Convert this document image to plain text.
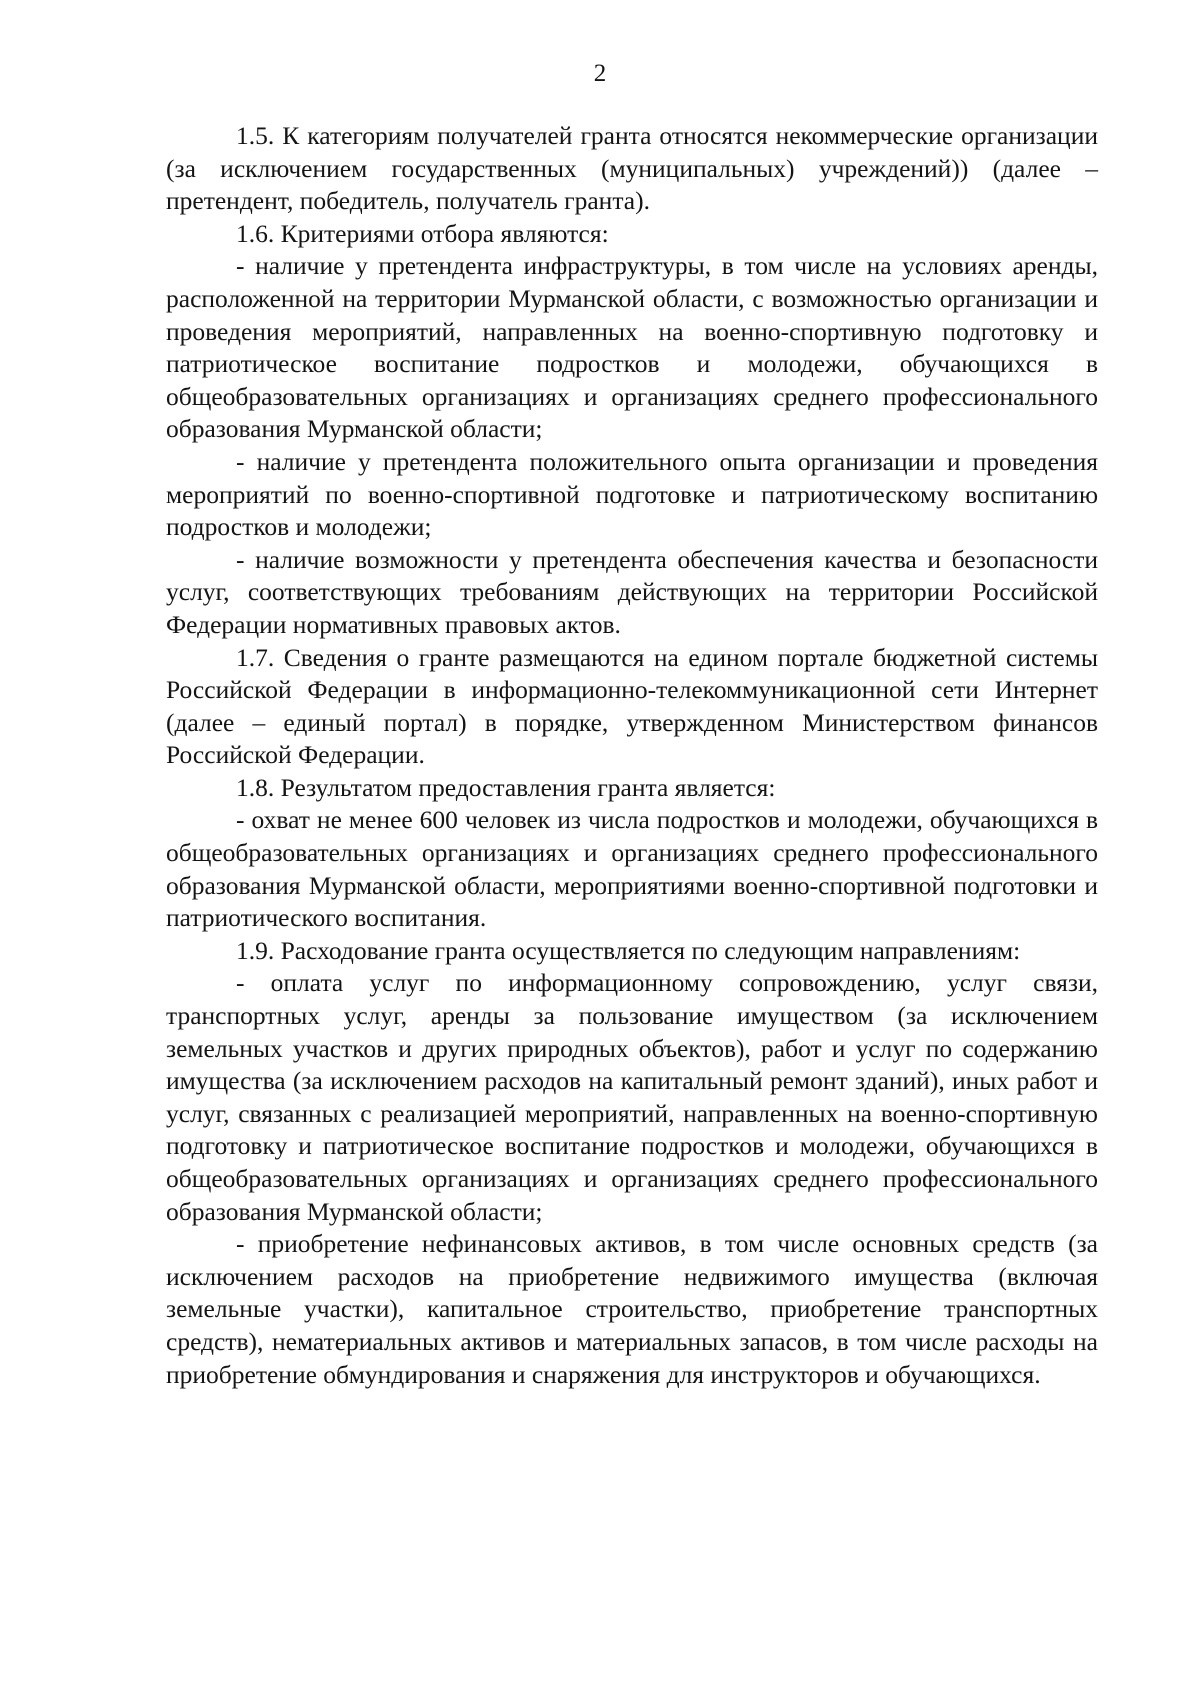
2

1.5. К категориям получателей гранта относятся некоммерческие организации (за исключением государственных (муниципальных) учреждений)) (далее – претендент, победитель, получатель гранта).

1.6. Критериями отбора являются:

- наличие у претендента инфраструктуры, в том числе на условиях аренды, расположенной на территории Мурманской области, с возможностью организации и проведения мероприятий, направленных на военно-спортивную подготовку и патриотическое воспитание подростков и молодежи, обучающихся в общеобразовательных организациях и организациях среднего профессионального образования Мурманской области;

- наличие у претендента положительного опыта организации и проведения мероприятий по военно-спортивной подготовке и патриотическому воспитанию подростков и молодежи;

- наличие возможности у претендента обеспечения качества и безопасности услуг, соответствующих требованиям действующих на территории Российской Федерации нормативных правовых актов.

1.7. Сведения о гранте размещаются на едином портале бюджетной системы Российской Федерации в информационно-телекоммуникационной сети Интернет (далее – единый портал) в порядке, утвержденном Министерством финансов Российской Федерации.

1.8. Результатом предоставления гранта является:

- охват не менее 600 человек из числа подростков и молодежи, обучающихся в общеобразовательных организациях и организациях среднего профессионального образования Мурманской области, мероприятиями военно-спортивной подготовки и патриотического воспитания.

1.9. Расходование гранта осуществляется по следующим направлениям:

- оплата услуг по информационному сопровождению, услуг связи, транспортных услуг, аренды за пользование имуществом (за исключением земельных участков и других природных объектов), работ и услуг по содержанию имущества (за исключением расходов на капитальный ремонт зданий), иных работ и услуг, связанных с реализацией мероприятий, направленных на военно-спортивную подготовку и патриотическое воспитание подростков и молодежи, обучающихся в общеобразовательных организациях и организациях среднего профессионального образования Мурманской области;

- приобретение нефинансовых активов, в том числе основных средств (за исключением расходов на приобретение недвижимого имущества (включая земельные участки), капитальное строительство, приобретение транспортных средств), нематериальных активов и материальных запасов, в том числе расходы на приобретение обмундирования и снаряжения для инструкторов и обучающихся.
